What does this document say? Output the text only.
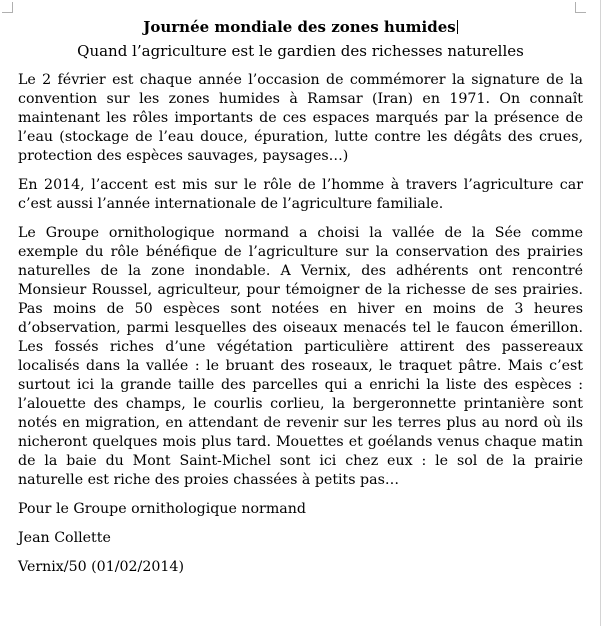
Journée mondiale des zones humides
Quand l’agriculture est le gardien des richesses naturelles

Le 2 février est chaque année l’occasion de commémorer la signature de la convention sur les zones humides à Ramsar (Iran) en 1971. On connaît maintenant les rôles importants de ces espaces marqués par la présence de l’eau (stockage de l’eau douce, épuration, lutte contre les dégâts des crues, protection des espèces sauvages, paysages…)

En 2014, l’accent est mis sur le rôle de l’homme à travers l’agriculture car c’est aussi l’année internationale de l’agriculture familiale.

Le Groupe ornithologique normand a choisi la vallée de la Sée comme exemple du rôle bénéfique de l’agriculture sur la conservation des prairies naturelles de la zone inondable. A Vernix, des adhérents ont rencontré Monsieur Roussel, agriculteur, pour témoigner de la richesse de ses prairies. Pas moins de 50 espèces sont notées en hiver en moins de 3 heures d’observation, parmi lesquelles des oiseaux menacés tel le faucon émerillon. Les fossés riches d’une végétation particulière attirent des passereaux localisés dans la vallée : le bruant des roseaux, le traquet pâtre. Mais c’est surtout ici la grande taille des parcelles qui a enrichi la liste des espèces : l’alouette des champs, le courlis corlieu, la bergeronnette printanière sont notés en migration, en attendant de revenir sur les terres plus au nord où ils nicheront quelques mois plus tard. Mouettes et goélands venus chaque matin de la baie du Mont Saint-Michel sont ici chez eux : le sol de la prairie naturelle est riche des proies chassées à petits pas…

Pour le Groupe ornithologique normand

Jean Collette

Vernix/50 (01/02/2014)
